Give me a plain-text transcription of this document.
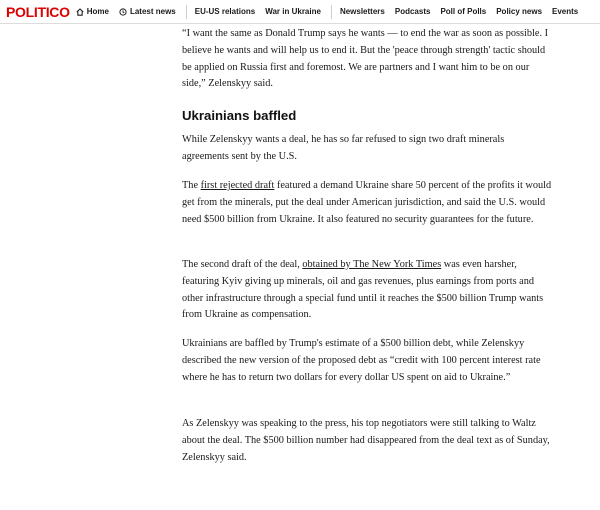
POLITICO Home	Latest news EU-US relations War in Ukraine Newsletters Podcasts Poll of Polls Policy news Events

“I want the same as Donald Trump says he wants — to end the war as soon as possible. I believe he wants and will help us to end it. But the 'peace through strength' tactic should be applied on Russia first and foremost. We are partners and I want him to be on our side,” Zelenskyy said.

Ukrainians baffled

While Zelenskyy wants a deal, he has so far refused to sign two draft minerals agreements sent by the U.S.

The first rejected draft featured a demand Ukraine share 50 percent of the profits it would get from the minerals, put the deal under American jurisdiction, and said the U.S. would need $500 billion from Ukraine. It also featured no security guarantees for the future.

The second draft of the deal, obtained by The New York Times was even harsher, featuring Kyiv giving up minerals, oil and gas revenues, plus earnings from ports and other infrastructure through a special fund until it reaches the $500 billion Trump wants from Ukraine as compensation.

Ukrainians are baffled by Trump's estimate of a $500 billion debt, while Zelenskyy described the new version of the proposed debt as “credit with 100 percent interest rate where he has to return two dollars for every dollar US spent on aid to Ukraine.”

As Zelenskyy was speaking to the press, his top negotiators were still talking to Waltz about the deal. The $500 billion number had disappeared from the deal text as of Sunday, Zelenskyy said.
